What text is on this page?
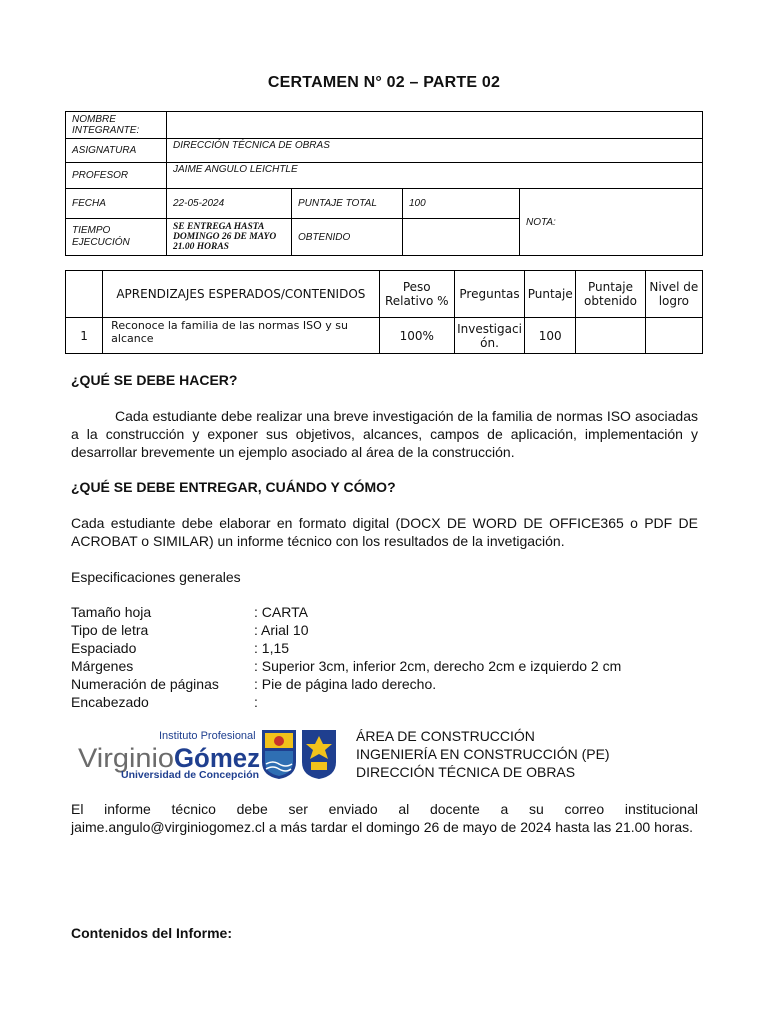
CERTAMEN N° 02 – PARTE 02
NOMBRE INTEGRANTE:				
ASIGNATURA	DIRECCIÓN TÉCNICA DE OBRAS			
PROFESOR	JAIME ANGULO LEICHTLE			
FECHA	22-05-2024	PUNTAJE TOTAL	100	NOTA:
TIEMPO EJECUCIÓN	SE ENTREGA HASTA DOMINGO 26 DE MAYO 21.00 HORAS	OBTENIDO		
	APRENDIZAJES ESPERADOS/CONTENIDOS	Peso Relativo %	Preguntas	Puntaje	Puntaje obtenido	Nivel de logro
1	Reconoce la familia de las normas ISO y su alcance	100%	Investigaci ón.	100		
¿QUÉ SE DEBE HACER?
Cada estudiante debe realizar una breve investigación de la familia de normas ISO asociadas a la construcción y exponer sus objetivos, alcances, campos de aplicación, implementación y desarrollar brevemente un ejemplo asociado al área de la construcción.
¿QUÉ SE DEBE ENTREGAR, CUÁNDO Y CÓMO?
Cada estudiante debe elaborar en formato digital (DOCX DE WORD DE OFFICE365 o PDF DE ACROBAT o SIMILAR) un informe técnico con los resultados de la invetigación.
Especificaciones generales
Tamaño hoja	: CARTA
Tipo de letra	: Arial 10
Espaciado	: 1,15
Márgenes	: Superior 3cm, inferior 2cm, derecho 2cm e izquierdo 2 cm
Numeración de páginas	: Pie de página lado derecho.
Encabezado	:
Instituto Profesional
Virginio Gómez
Universidad de Concepción
ÁREA DE CONSTRUCCIÓN
INGENIERÍA EN CONSTRUCCIÓN (PE)
DIRECCIÓN TÉCNICA DE OBRAS
El informe técnico debe ser enviado al docente a su correo institucional jaime.angulo@virginiogomez.cl a más tardar el domingo 26 de mayo de 2024 hasta las 21.00 horas.
Contenidos del Informe:
